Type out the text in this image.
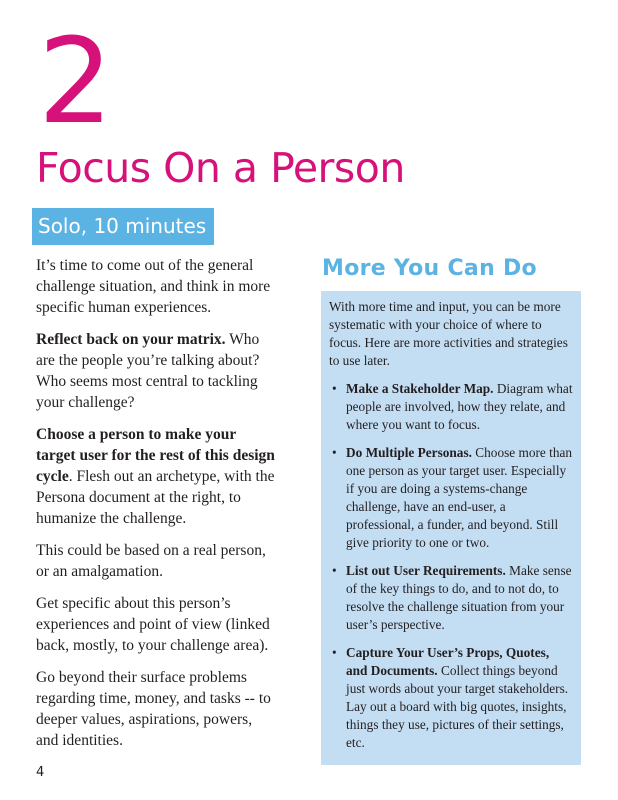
2
Focus On a Person
Solo, 10 minutes

It’s time to come out of the general challenge situation, and think in more specific human experiences.

Reflect back on your matrix. Who are the people you’re talking about? Who seems most central to tackling your challenge?

Choose a person to make your target user for the rest of this design cycle. Flesh out an archetype, with the Persona document at the right, to humanize the challenge.

This could be based on a real person, or an amalgamation.

Get specific about this person’s experiences and point of view (linked back, mostly, to your challenge area).

Go beyond their surface problems regarding time, money, and tasks -- to deeper values, aspirations, powers, and identities.

More You Can Do

With more time and input, you can be more systematic with your choice of where to focus. Here are more activities and strategies to use later.

• Make a Stakeholder Map. Diagram what people are involved, how they relate, and where you want to focus.
• Do Multiple Personas. Choose more than one person as your target user. Especially if you are doing a systems-change challenge, have an end-user, a professional, a funder, and beyond. Still give priority to one or two.
• List out User Requirements. Make sense of the key things to do, and to not do, to resolve the challenge situation from your user’s perspective.
• Capture Your User’s Props, Quotes, and Documents. Collect things beyond just words about your target stakeholders. Lay out a board with big quotes, insights, things they use, pictures of their settings, etc.
4
